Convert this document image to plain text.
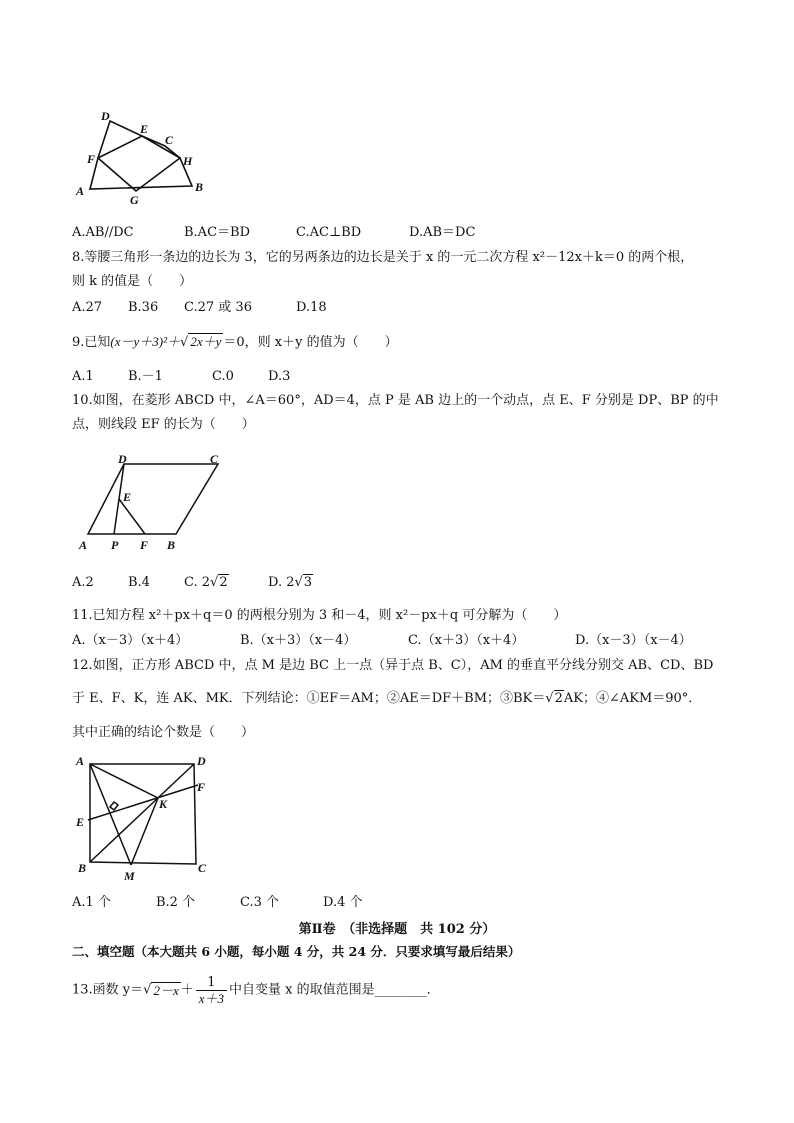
D
E
C
F	H
A
G
B
A.AB//DC	B.AC＝BD	C.AC⊥BD	D.AB＝DC
8.等腰三角形一条边的边长为 3，它的另两条边的边长是关于 x 的一元二次方程 x²－12x＋k＝0 的两个根，
则 k 的值是（　　）
A.27 B.36 C.27 或 36	D.18
9.已知(x－y＋3)²＋√ 2x＋y ＝0，则 x＋y 的值为（　　）
A.1	B.－1	C.0	D.3
10.如图，在菱形 ABCD 中，∠A＝60°，AD＝4，点 P 是 AB 边上的一个动点，点 E、F 分别是 DP、BP 的中
点，则线段 EF 的长为（　　）
D	C
E
A P F B
A.2	B.4	C. 2√2	D. 2√3
11.已知方程 x²＋px＋q＝0 的两根分别为 3 和－4，则 x²－px＋q 可分解为（　　）
A.（x－3）（x＋4）	B.（x＋3）（x－4）	C.（x＋3）（x＋4）	D.（x－3）（x－4）
12.如图，正方形 ABCD 中，点 M 是边 BC 上一点（异于点 B、C），AM 的垂直平分线分别交 AB、CD、BD
于 E、F、K，连 AK、MK．下列结论：①EF＝AM；②AE＝DF＋BM；③BK＝√2AK；④∠AKM＝90°．
其中正确的结论个数是（　　）
A	D
F
K
E
B
M
C
A.1 个	B.2 个	C.3 个	D.4 个
第Ⅱ卷　（非选择题　共 102 分）
二、填空题（本大题共 6 小题，每小题 4 分，共 24 分．只要求填写最后结果）
13.函数 y＝√ $2-x + \frac{1}{x+3}$ 中自变量 x 的取值范围是________．
